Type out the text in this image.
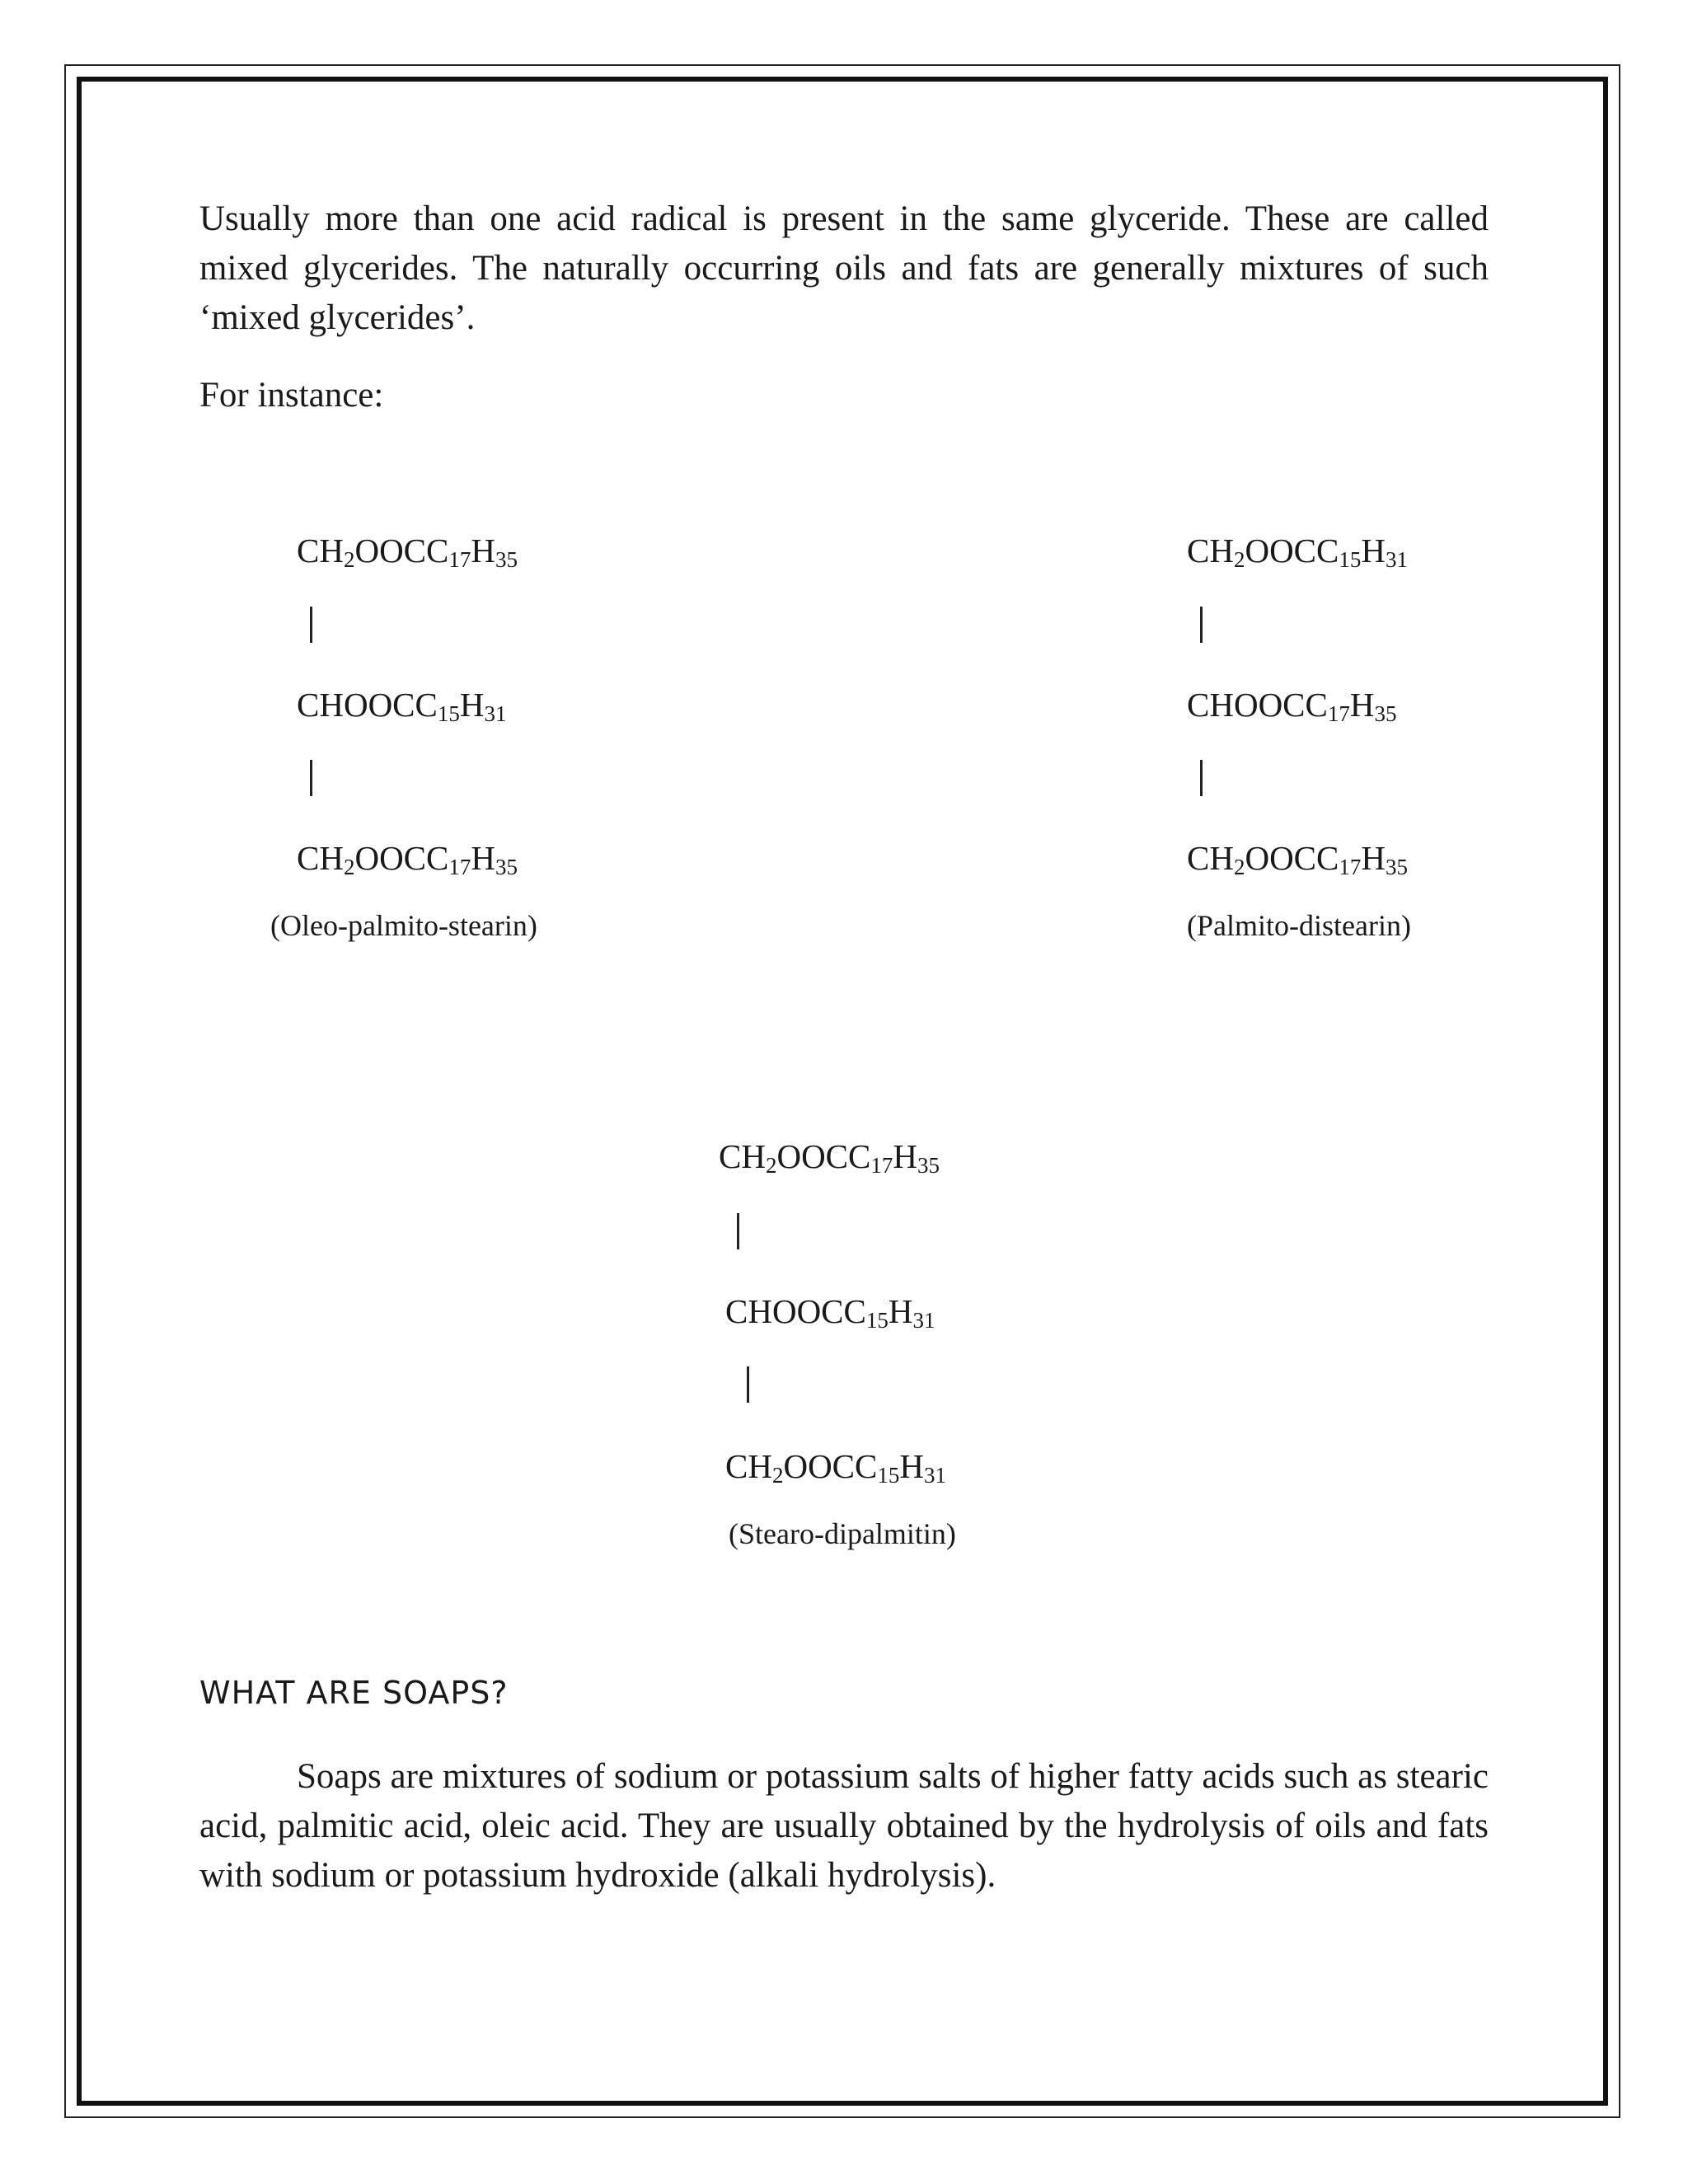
Usually more than one acid radical is present in the same glyceride. These are called mixed glycerides. The naturally occurring oils and fats are generally mixtures of such ‘mixed glycerides’.

For instance:

$CH_2OOCC_{17}H_{35}$
$CHOOCC_{15}H_{31}$
$CH_2OOCC_{17}H_{35}$
(Oleo-palmito-stearin)
$CH_2OOCC_{15}H_{31}$
$CHOOCC_{17}H_{35}$
$CH_2OOCC_{17}H_{35}$
(Palmito-distearin)
$CH_2OOCC_{17}H_{35}$
$CHOOCC_{15}H_{31}$
$CH_2OOCC_{15}H_{31}$
(Stearo-dipalmitin)
WHAT ARE SOAPS?

Soaps are mixtures of sodium or potassium salts of higher fatty acids such as stearic acid, palmitic acid, oleic acid. They are usually obtained by the hydrolysis of oils and fats with sodium or potassium hydroxide (alkali hydrolysis).
